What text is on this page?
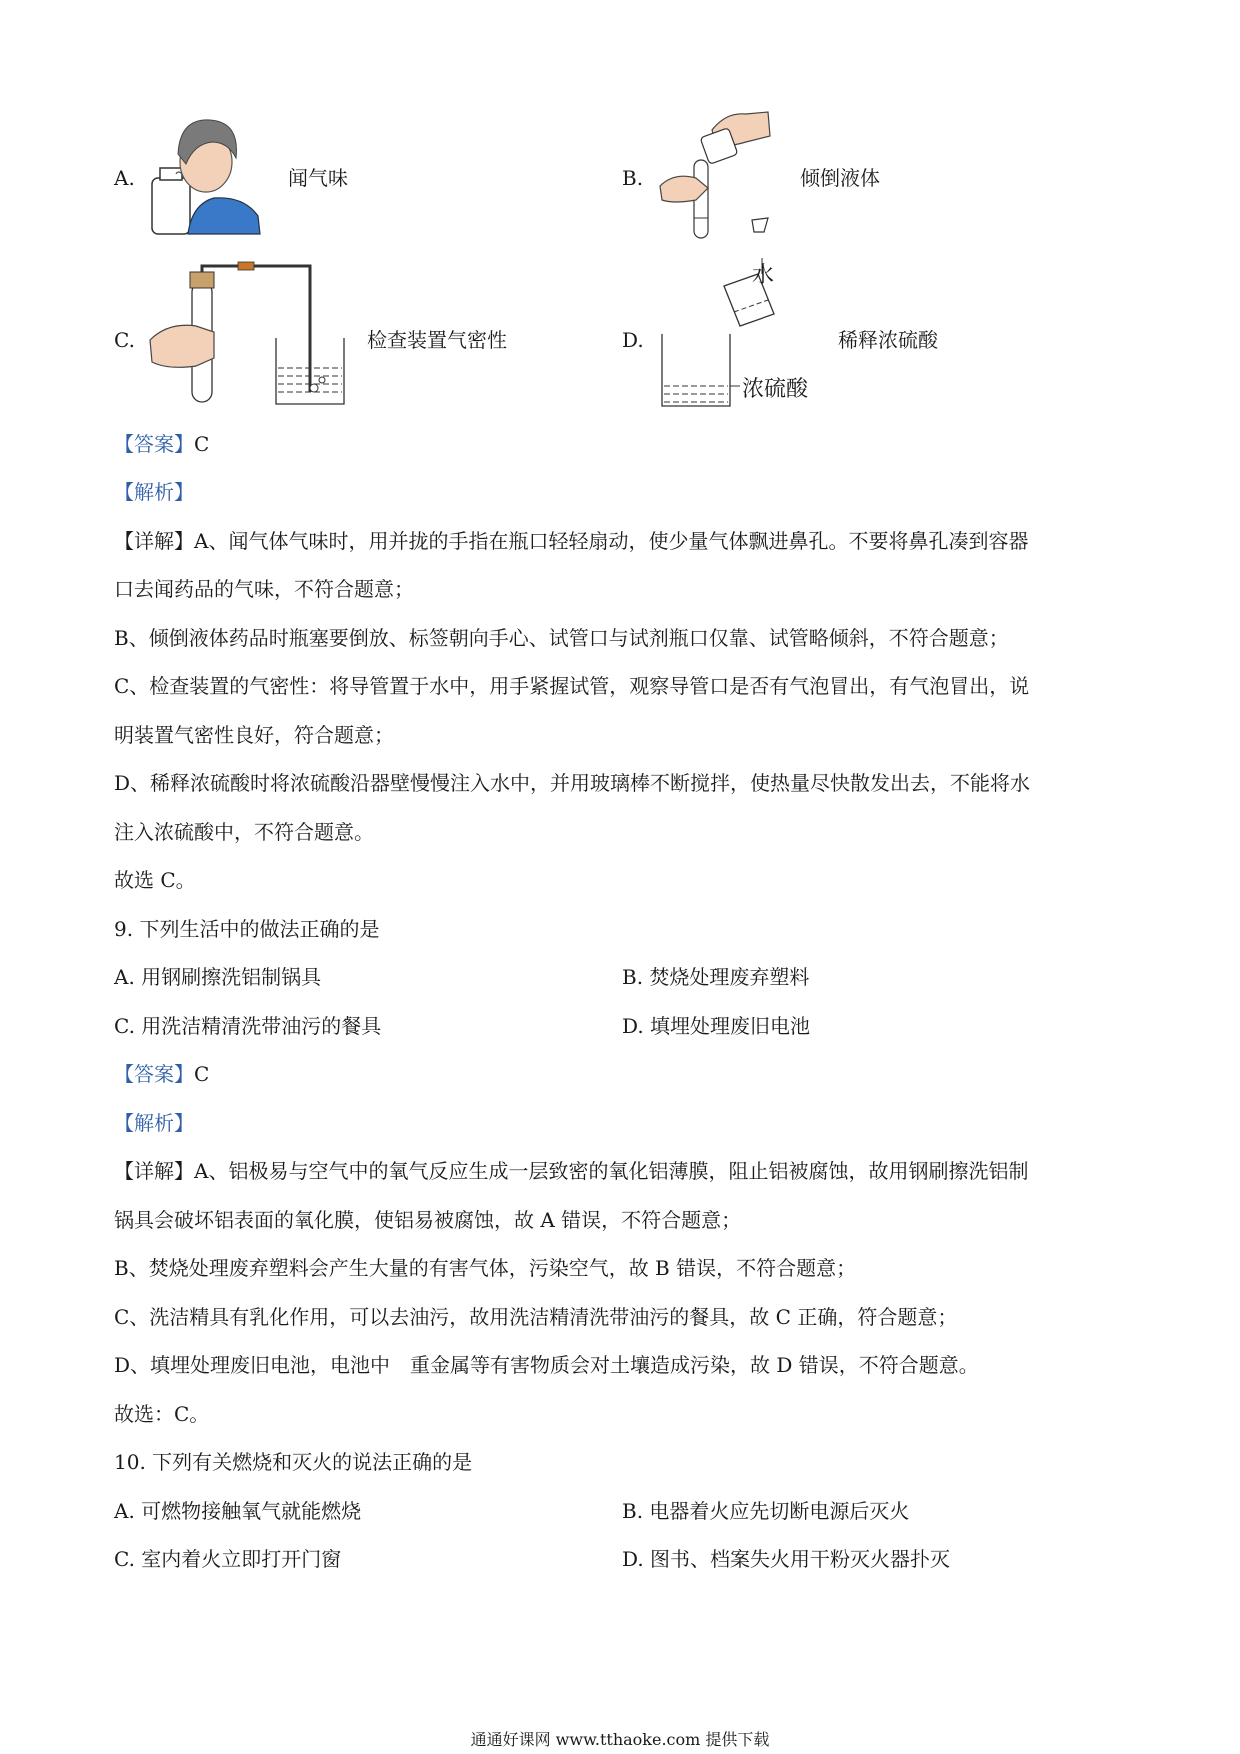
A.	闻气味	B.	倾倒液体
C.	检查装置气密性	D.
水
浓硫酸
稀释浓硫酸
【答案】C
【解析】
【详解】A、闻气体气味时，用并拢的手指在瓶口轻轻扇动，使少量气体飘进鼻孔。不要将鼻孔凑到容器
口去闻药品的气味，不符合题意；
B、倾倒液体药品时瓶塞要倒放、标签朝向手心、试管口与试剂瓶口仅靠、试管略倾斜，不符合题意；
C、检查装置的气密性：将导管置于水中，用手紧握试管，观察导管口是否有气泡冒出，有气泡冒出，说
明装置气密性良好，符合题意；
D、稀释浓硫酸时将浓硫酸沿器壁慢慢注入水中，并用玻璃棒不断搅拌，使热量尽快散发出去，不能将水
注入浓硫酸中，不符合题意。
故选 C。
9. 下列生活中的做法正确的是
A. 用钢刷擦洗铝制锅具	B. 焚烧处理废弃塑料
C. 用洗洁精清洗带油污的餐具	D. 填埋处理废旧电池
【答案】C
【解析】
【详解】A、铝极易与空气中的氧气反应生成一层致密的氧化铝薄膜，阻止铝被腐蚀，故用钢刷擦洗铝制
锅具会破坏铝表面的氧化膜，使铝易被腐蚀，故 A 错误，不符合题意；
B、焚烧处理废弃塑料会产生大量的有害气体，污染空气，故 B 错误，不符合题意；
C、洗洁精具有乳化作用，可以去油污，故用洗洁精清洗带油污的餐具，故 C 正确，符合题意；
D、填埋处理废旧电池，电池中　重金属等有害物质会对土壤造成污染，故 D 错误，不符合题意。
故选：C。
10. 下列有关燃烧和灭火的说法正确的是
A. 可燃物接触氧气就能燃烧	B. 电器着火应先切断电源后灭火
C. 室内着火立即打开门窗	D. 图书、档案失火用干粉灭火器扑灭
通通好课网 www.tthaoke.com 提供下载
